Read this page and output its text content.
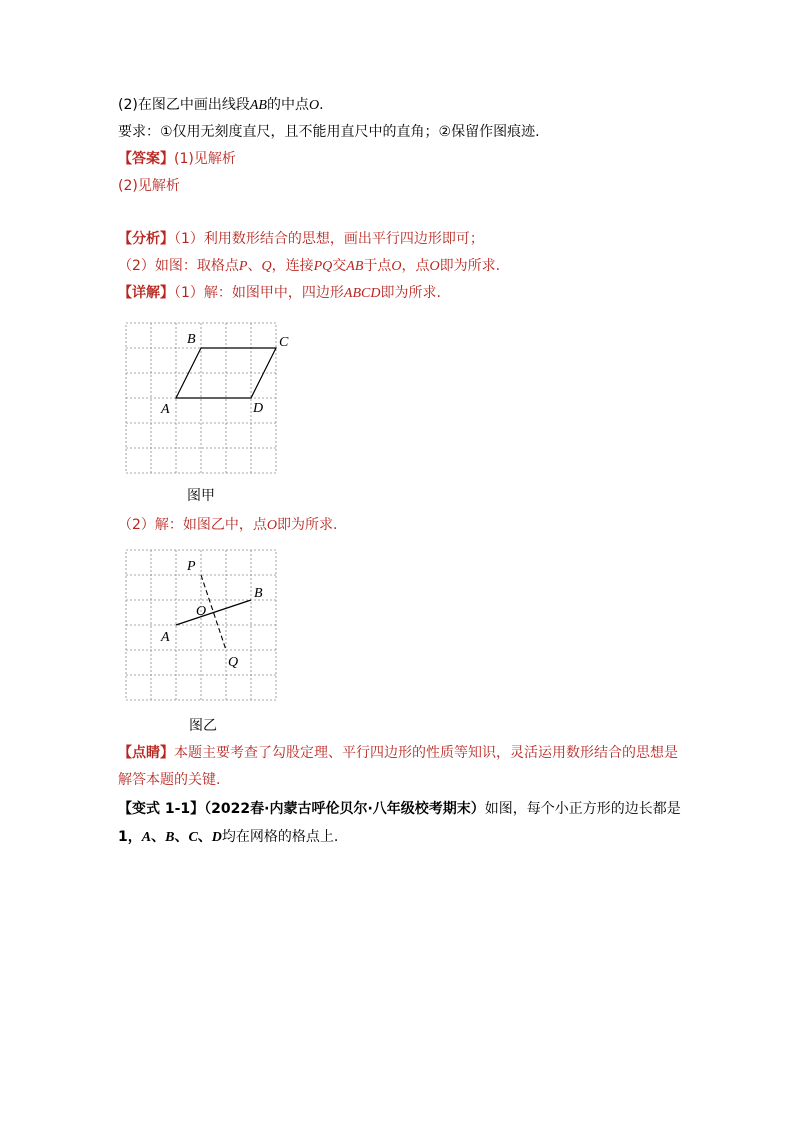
(2)在图乙中画出线段AB的中点O.
要求：①仅用无刻度直尺，且不能用直尺中的直角；②保留作图痕迹.
【答案】(1)见解析
(2)见解析
【分析】（1）利用数形结合的思想，画出平行四边形即可；
（2）如图：取格点P、Q，连接PQ交AB于点O，点O即为所求.
【详解】（1）解：如图甲中，四边形ABCD即为所求.
A
B	C
D
图甲
（2）解：如图乙中，点O即为所求.
P
O
B
A
Q
图乙
【点睛】本题主要考查了勾股定理、平行四边形的性质等知识，灵活运用数形结合的思想是
解答本题的关键.
【变式 1-1】（2022春·内蒙古呼伦贝尔·八年级校考期末）如图，每个小正方形的边长都是
1，A、B、C、D均在网格的格点上.
